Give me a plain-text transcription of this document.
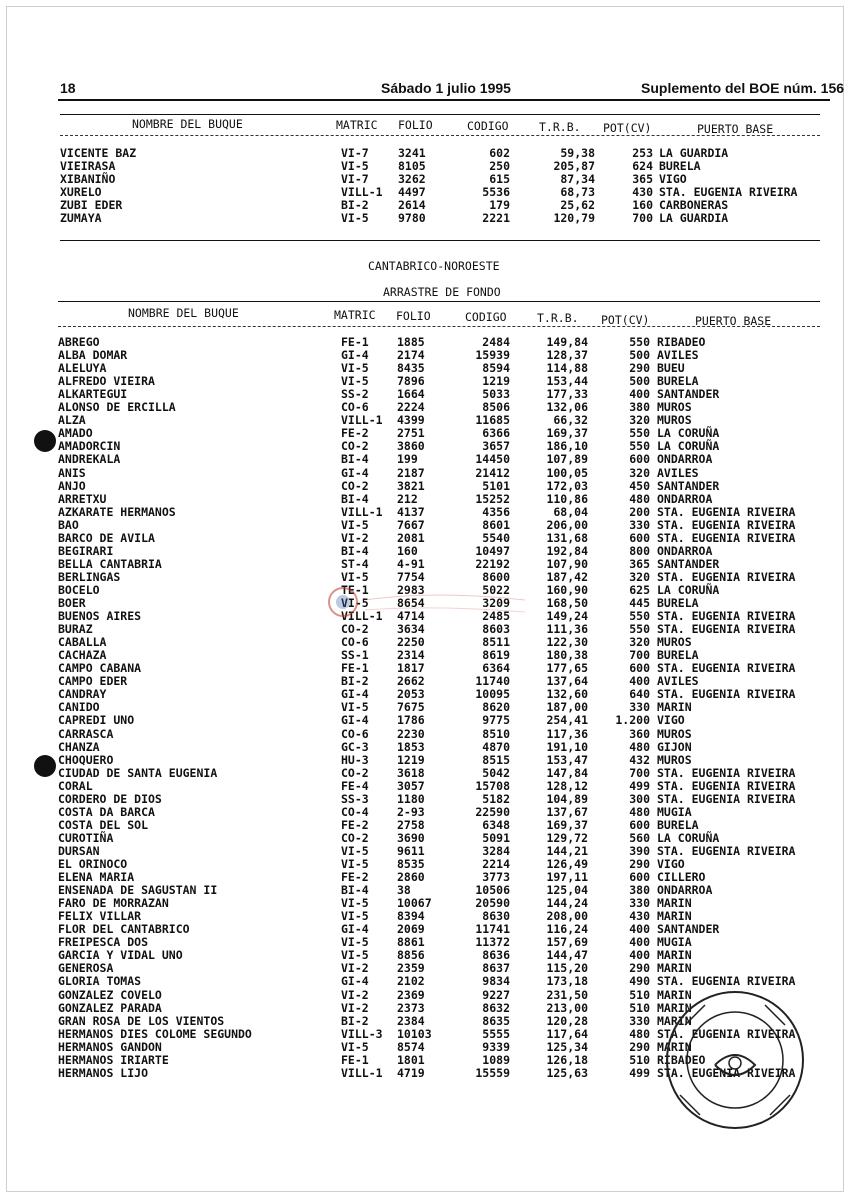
18	Sábado 1 julio 1995	Suplemento del BOE núm. 156
NOMBRE DEL BUQUE	MATRIC FOLIO	CODIGO	T.R.B. POT(CV)	PUERTO BASE
VICENTE BAZ	VI-7	3241	602	59,38	253 LA GUARDIA
VIEIRASA	VI-5	8105	250	205,87	624 BURELA
XIBANIÑO	VI-7	3262	615	87,34	365 VIGO
XURELO	VILL-1 4497	5536	68,73	430 STA. EUGENIA RIVEIRA
ZUBI EDER	BI-2	2614	179	25,62	160 CARBONERAS
ZUMAYA	VI-5	9780	2221	120,79	700 LA GUARDIA
CANTABRICO-NOROESTE
ARRASTRE DE FONDO
NOMBRE DEL BUQUE	MATRIC FOLIO	CODIGO	T.R.B. POT(CV)	PUERTO BASE
ABREGO	FE-1 1885	2484	149,84	550 RIBADEO
ALBA DOMAR	GI-4 2174	15939	128,37	500 AVILES
ALELUYA	VI-5 8435	8594	114,88	290 BUEU
ALFREDO VIEIRA	VI-5 7896	1219	153,44	500 BURELA
ALKARTEGUI	SS-2 1664	5033	177,33	400 SANTANDER
ALONSO DE ERCILLA	CO-6 2224	8506	132,06	380 MUROS
ALZA	VILL-1 4399	11685	66,32	320 MUROS
AMADO	FE-2 2751	6366	169,37	550 LA CORUÑA
AMADORCIN	CO-2 3860	3657	186,10	550 LA CORUÑA
ANDREKALA	BI-4 199	14450	107,89	600 ONDARROA
ANIS	GI-4 2187	21412	100,05	320 AVILES
ANJO	CO-2 3821	5101	172,03	450 SANTANDER
ARRETXU	BI-4 212	15252	110,86	480 ONDARROA
AZKARATE HERMANOS	VILL-1 4137	4356	68,04	200 STA. EUGENIA RIVEIRA
BAO	VI-5 7667	8601	206,00	330 STA. EUGENIA RIVEIRA
BARCO DE AVILA	VI-2 2081	5540	131,68	600 STA. EUGENIA RIVEIRA
BEGIRARI	BI-4 160	10497	192,84	800 ONDARROA
BELLA CANTABRIA	ST-4 4-91	22192	107,90	365 SANTANDER
BERLINGAS	VI-5 7754	8600	187,42	320 STA. EUGENIA RIVEIRA
BOCELO	TE-1 2983	5022	160,90	625 LA CORUÑA
BOER	VI-5 8654	3209	168,50	445 BURELA
BUENOS AIRES	VILL-1 4714	2485	149,24	550 STA. EUGENIA RIVEIRA
BURAZ	CO-2 3634	8603	111,36	550 STA. EUGENIA RIVEIRA
CABALLA	CO-6 2250	8511	122,30	320 MUROS
CACHAZA	SS-1 2314	8619	180,38	700 BURELA
CAMPO CABANA	FE-1 1817	6364	177,65	600 STA. EUGENIA RIVEIRA
CAMPO EDER	BI-2 2662	11740	137,64	400 AVILES
CANDRAY	GI-4 2053	10095	132,60	640 STA. EUGENIA RIVEIRA
CANIDO	VI-5 7675	8620	187,00	330 MARIN
CAPREDI UNO	GI-4 1786	9775	254,41	1.200 VIGO
CARRASCA	CO-6 2230	8510	117,36	360 MUROS
CHANZA	GC-3 1853	4870	191,10	480 GIJON
CHOQUERO	HU-3 1219	8515	153,47	432 MUROS
CIUDAD DE SANTA EUGENIA	CO-2 3618	5042	147,84	700 STA. EUGENIA RIVEIRA
CORAL	FE-4 3057	15708	128,12	499 STA. EUGENIA RIVEIRA
CORDERO DE DIOS	SS-3 1180	5182	104,89	300 STA. EUGENIA RIVEIRA
COSTA DA BARCA	CO-4 2-93	22590	137,67	480 MUGIA
COSTA DEL SOL	FE-2 2758	6348	169,37	600 BURELA
CUROTIÑA	CO-2 3690	5091	129,72	560 LA CORUÑA
DURSAN	VI-5 9611	3284	144,21	390 STA. EUGENIA RIVEIRA
EL ORINOCO	VI-5 8535	2214	126,49	290 VIGO
ELENA MARIA	FE-2 2860	3773	197,11	600 CILLERO
ENSENADA DE SAGUSTAN II	BI-4 38	10506	125,04	380 ONDARROA
FARO DE MORRAZAN	VI-5 10067	20590	144,24	330 MARIN
FELIX VILLAR	VI-5 8394	8630	208,00	430 MARIN
FLOR DEL CANTABRICO	GI-4 2069	11741	116,24	400 SANTANDER
FREIPESCA DOS	VI-5 8861	11372	157,69	400 MUGIA
GARCIA Y VIDAL UNO	VI-5 8856	8636	144,47	400 MARIN
GENEROSA	VI-2 2359	8637	115,20	290 MARIN
GLORIA TOMAS	GI-4 2102	9834	173,18	490 STA. EUGENIA RIVEIRA
GONZALEZ COVELO	VI-2 2369	9227	231,50	510 MARIN
GONZALEZ PARADA	VI-2 2373	8632	213,00	510 MARIN
GRAN ROSA DE LOS VIENTOS	BI-2 2384	8635	120,28	330 MARIN
HERMANOS DIES COLOME SEGUNDO	VILL-3 10103	5555	117,64	480 STA. EUGENIA RIVEIRA
HERMANOS GANDON	VI-5 8574	9339	125,34	290 MARIN
HERMANOS IRIARTE	FE-1 1801	1089	126,18	510 RIBADEO
HERMANOS LIJO	VILL-1 4719	15559	125,63	499 STA. EUGENIA RIVEIRA
